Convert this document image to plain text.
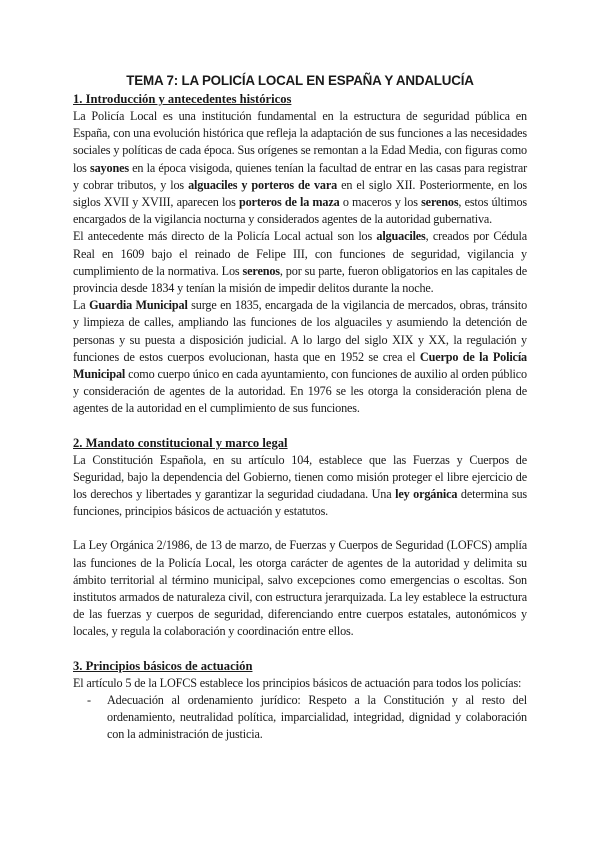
TEMA 7: LA POLICÍA LOCAL EN ESPAÑA Y ANDALUCÍA
1. Introducción y antecedentes históricos

La Policía Local es una institución fundamental en la estructura de seguridad pública en España, con una evolución histórica que refleja la adaptación de sus funciones a las necesidades sociales y políticas de cada época. Sus orígenes se remontan a la Edad Media, con figuras como los sayones en la época visigoda, quienes tenían la facultad de entrar en las casas para registrar y cobrar tributos, y los alguaciles y porteros de vara en el siglo XII. Posteriormente, en los siglos XVII y XVIII, aparecen los porteros de la maza o maceros y los serenos, estos últimos encargados de la vigilancia nocturna y considerados agentes de la autoridad gubernativa.

El antecedente más directo de la Policía Local actual son los alguaciles, creados por Cédula Real en 1609 bajo el reinado de Felipe III, con funciones de seguridad, vigilancia y cumplimiento de la normativa. Los serenos, por su parte, fueron obligatorios en las capitales de provincia desde 1834 y tenían la misión de impedir delitos durante la noche.

La Guardia Municipal surge en 1835, encargada de la vigilancia de mercados, obras, tránsito y limpieza de calles, ampliando las funciones de los alguaciles y asumiendo la detención de personas y su puesta a disposición judicial. A lo largo del siglo XIX y XX, la regulación y funciones de estos cuerpos evolucionan, hasta que en 1952 se crea el Cuerpo de la Policía Municipal como cuerpo único en cada ayuntamiento, con funciones de auxilio al orden público y consideración de agentes de la autoridad. En 1976 se les otorga la consideración plena de agentes de la autoridad en el cumplimiento de sus funciones.

2. Mandato constitucional y marco legal

La Constitución Española, en su artículo 104, establece que las Fuerzas y Cuerpos de Seguridad, bajo la dependencia del Gobierno, tienen como misión proteger el libre ejercicio de los derechos y libertades y garantizar la seguridad ciudadana. Una ley orgánica determina sus funciones, principios básicos de actuación y estatutos.

La Ley Orgánica 2/1986, de 13 de marzo, de Fuerzas y Cuerpos de Seguridad (LOFCS) amplía las funciones de la Policía Local, les otorga carácter de agentes de la autoridad y delimita su ámbito territorial al término municipal, salvo excepciones como emergencias o escoltas. Son institutos armados de naturaleza civil, con estructura jerarquizada. La ley establece la estructura de las fuerzas y cuerpos de seguridad, diferenciando entre cuerpos estatales, autonómicos y locales, y regula la colaboración y coordinación entre ellos.

3. Principios básicos de actuación

El artículo 5 de la LOFCS establece los principios básicos de actuación para todos los policías:

- Adecuación al ordenamiento jurídico: Respeto a la Constitución y al resto del ordenamiento, neutralidad política, imparcialidad, integridad, dignidad y colaboración con la administración de justicia.
